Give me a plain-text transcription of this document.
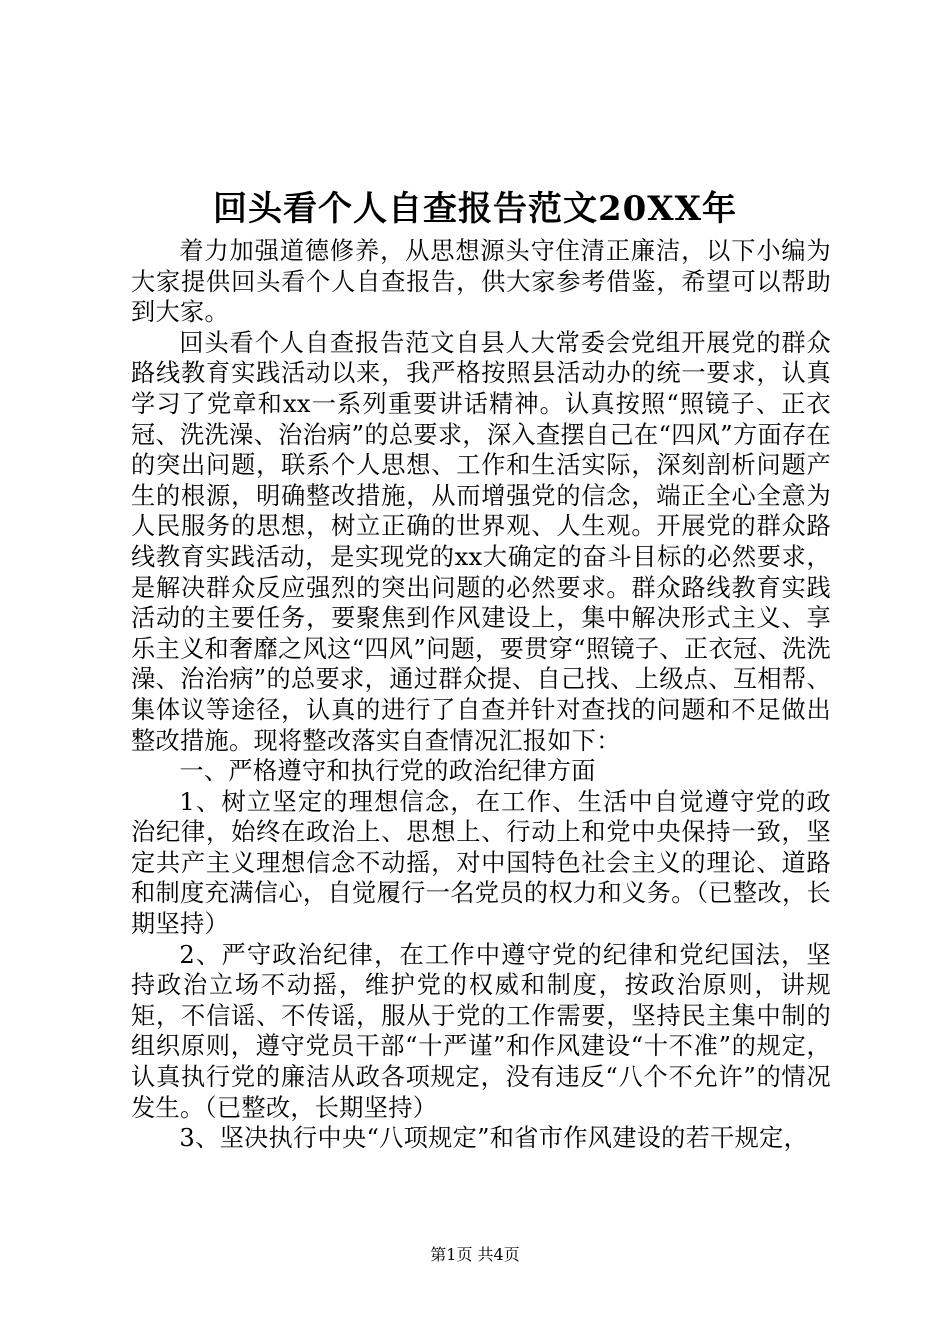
回头看个人自查报告范文20XX年

着力加强道德修养，从思想源头守住清正廉洁，以下小编为大家提供回头看个人自查报告，供大家参考借鉴，希望可以帮助到大家。

回头看个人自查报告范文自县人大常委会党组开展党的群众路线教育实践活动以来，我严格按照县活动办的统一要求，认真学习了党章和xx一系列重要讲话精神。认真按照“照镜子、正衣冠、洗洗澡、治治病”的总要求，深入查摆自己在“四风”方面存在的突出问题，联系个人思想、工作和生活实际，深刻剖析问题产生的根源，明确整改措施，从而增强党的信念，端正全心全意为人民服务的思想，树立正确的世界观、人生观。开展党的群众路线教育实践活动，是实现党的xx大确定的奋斗目标的必然要求，是解决群众反应强烈的突出问题的必然要求。群众路线教育实践活动的主要任务，要聚焦到作风建设上，集中解决形式主义、享乐主义和奢靡之风这“四风”问题，要贯穿“照镜子、正衣冠、洗洗澡、治治病”的总要求，通过群众提、自己找、上级点、互相帮、集体议等途径，认真的进行了自查并针对查找的问题和不足做出整改措施。现将整改落实自查情况汇报如下：

一、严格遵守和执行党的政治纪律方面

1、树立坚定的理想信念，在工作、生活中自觉遵守党的政治纪律，始终在政治上、思想上、行动上和党中央保持一致，坚定共产主义理想信念不动摇，对中国特色社会主义的理论、道路和制度充满信心，自觉履行一名党员的权力和义务。（已整改，长期坚持）

2、严守政治纪律，在工作中遵守党的纪律和党纪国法，坚持政治立场不动摇，维护党的权威和制度，按政治原则，讲规矩，不信谣、不传谣，服从于党的工作需要，坚持民主集中制的组织原则，遵守党员干部“十严谨”和作风建设“十不准”的规定，认真执行党的廉洁从政各项规定，没有违反“八个不允许”的情况发生。（已整改，长期坚持）

3、坚决执行中央“八项规定”和省市作风建设的若干规定，

第1页 共4页
